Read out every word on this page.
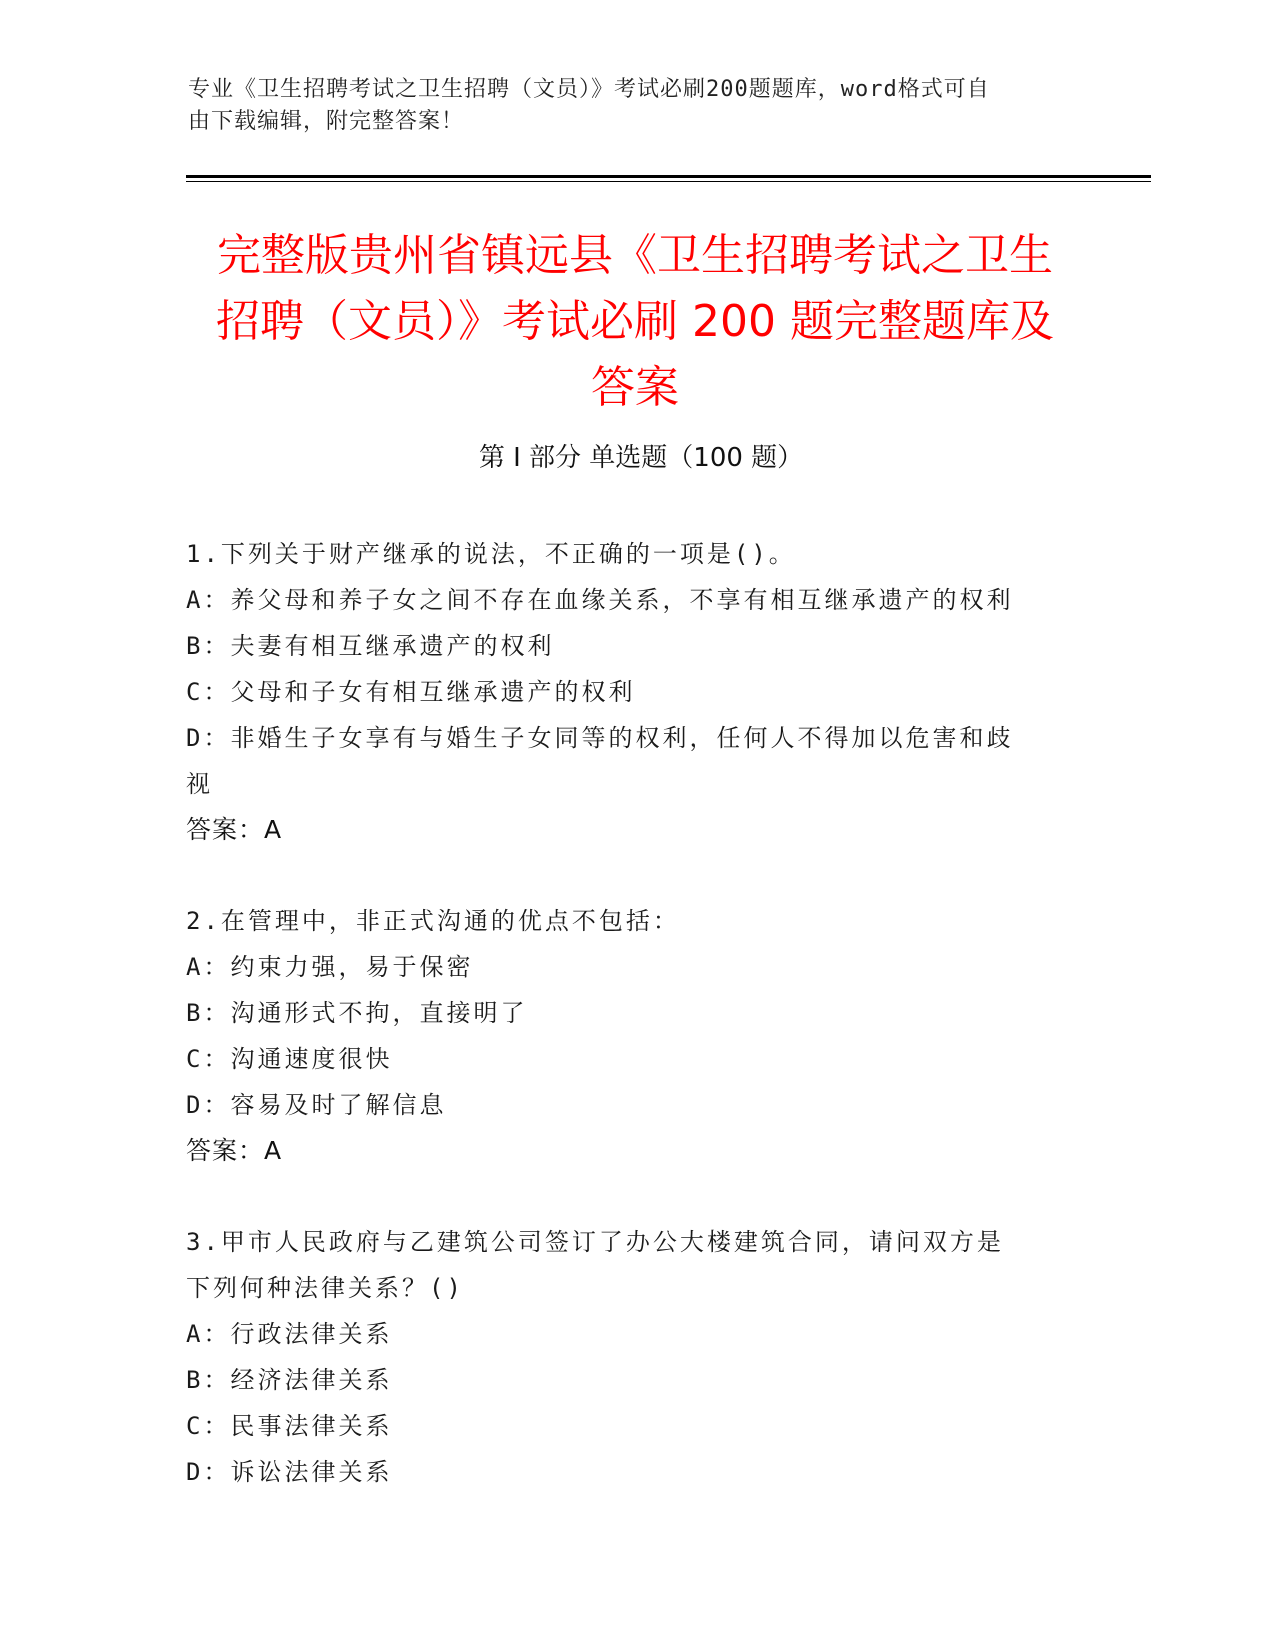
专业《卫生招聘考试之卫生招聘（文员）》考试必刷200题题库，word格式可自
由下载编辑，附完整答案！
完整版贵州省镇远县《卫生招聘考试之卫生
招聘（文员）》考试必刷 200 题完整题库及
答案
第 I 部分 单选题（100 题）
1.下列关于财产继承的说法，不正确的一项是()。
A：养父母和养子女之间不存在血缘关系，不享有相互继承遗产的权利
B：夫妻有相互继承遗产的权利
C：父母和子女有相互继承遗产的权利
D：非婚生子女享有与婚生子女同等的权利，任何人不得加以危害和歧
视
答案：A
2.在管理中，非正式沟通的优点不包括：
A：约束力强，易于保密
B：沟通形式不拘，直接明了
C：沟通速度很快
D：容易及时了解信息
答案：A
3.甲市人民政府与乙建筑公司签订了办公大楼建筑合同，请问双方是
下列何种法律关系？()
A：行政法律关系
B：经济法律关系
C：民事法律关系
D：诉讼法律关系
